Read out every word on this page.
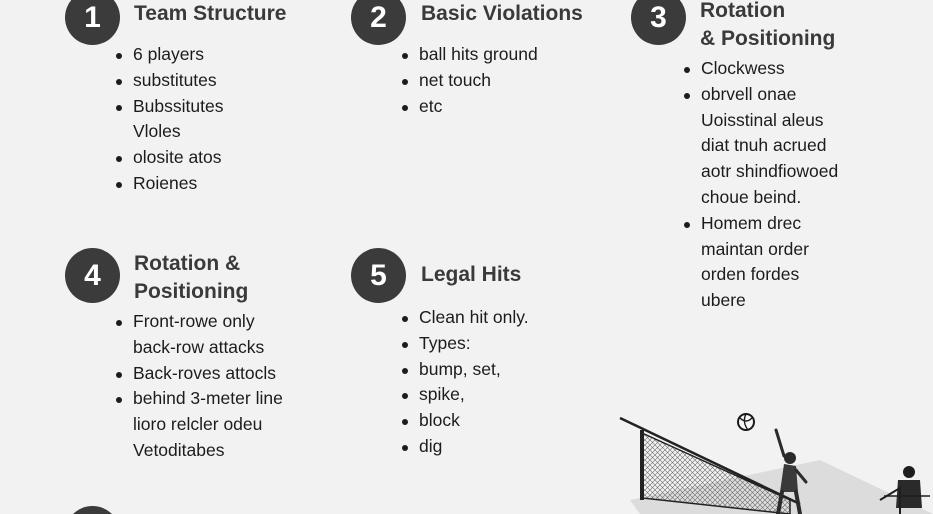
1	Team Structure
6 players
substitutes
Bubssitutes
Vloles
olosite atos
Roienes
2	Basic Violations
ball hits ground
net touch
etc
3	Rotation
& Positioning
Clockwess
obrvell onae
Uoisstinal aleus
diat tnuh acrued
aotr shindfiowoed
choue beind.
Homem drec
maintan order
orden fordes
ubere
4	Rotation &
Positioning
Front-rowe only
back-row attacks
Back-roves attocls
behind 3-meter line
lioro relcler odeu
Vetoditabes
5	Legal Hits
Clean hit only.
Types:
bump, set,
spike,
block
dig
